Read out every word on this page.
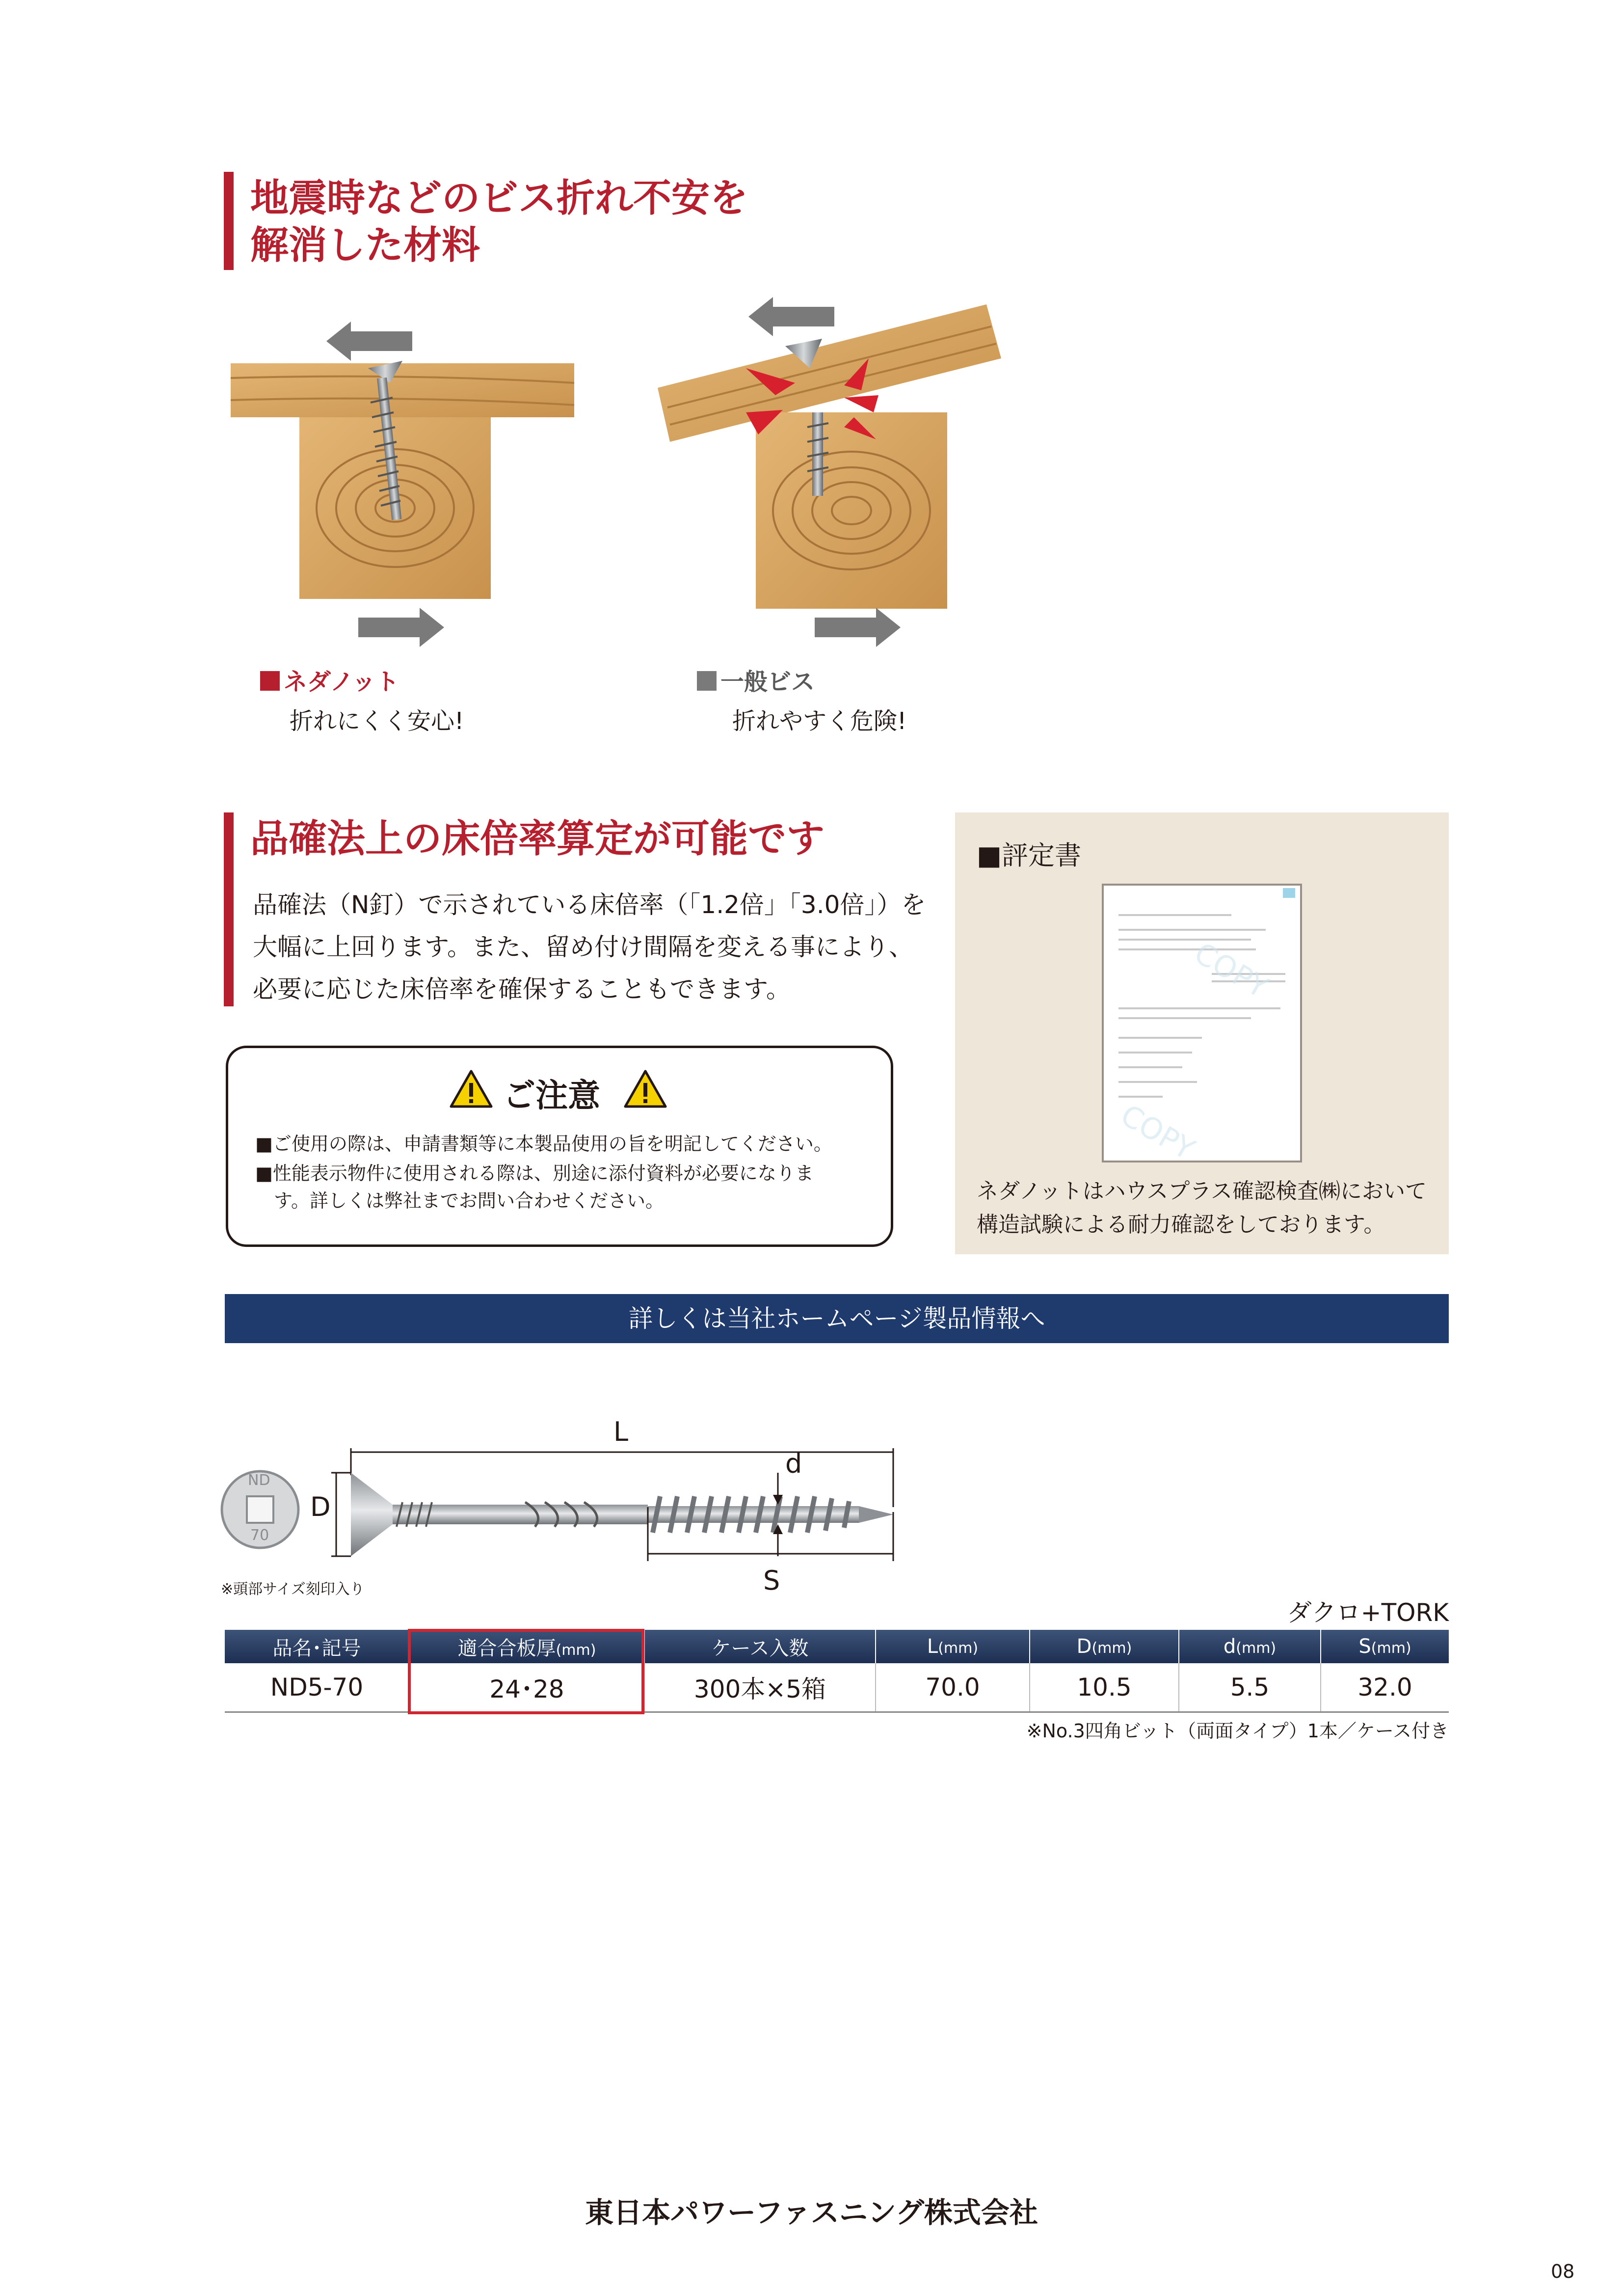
地震時などのビス折れ不安を
解消した材料
ネダノット
折れにくく安心!
一般ビス
折れやすく危険!
品確法上の床倍率算定が可能です
品確法（N釘）で示されている床倍率（「1.2倍」「3.0倍」）を
大幅に上回ります。また、留め付け間隔を変える事により、
必要に応じた床倍率を確保することもできます。
ご注意
■ご使用の際は、申請書類等に本製品使用の旨を明記してください。
■性能表示物件に使用される際は、別途に添付資料が必要になりま
　す。詳しくは弊社までお問い合わせください。
■評定書
COPY
COPY
ネダノットはハウスプラス確認検査㈱において
構造試験による耐力確認をしております。
詳しくは当社ホームページ製品情報へ
ND
70
※頭部サイズ刻印入り
L
d
D
S
ダクロ+TORK
品名･記号	適合合板厚(mm)	ケース入数	L(mm)	D(mm)	d(mm)	S(mm)
ND5-70	24･28	300本×5箱	70.0	10.5	5.5	32.0
※No.3四角ビット（両面タイプ）1本／ケース付き
東日本パワーファスニング株式会社
08
